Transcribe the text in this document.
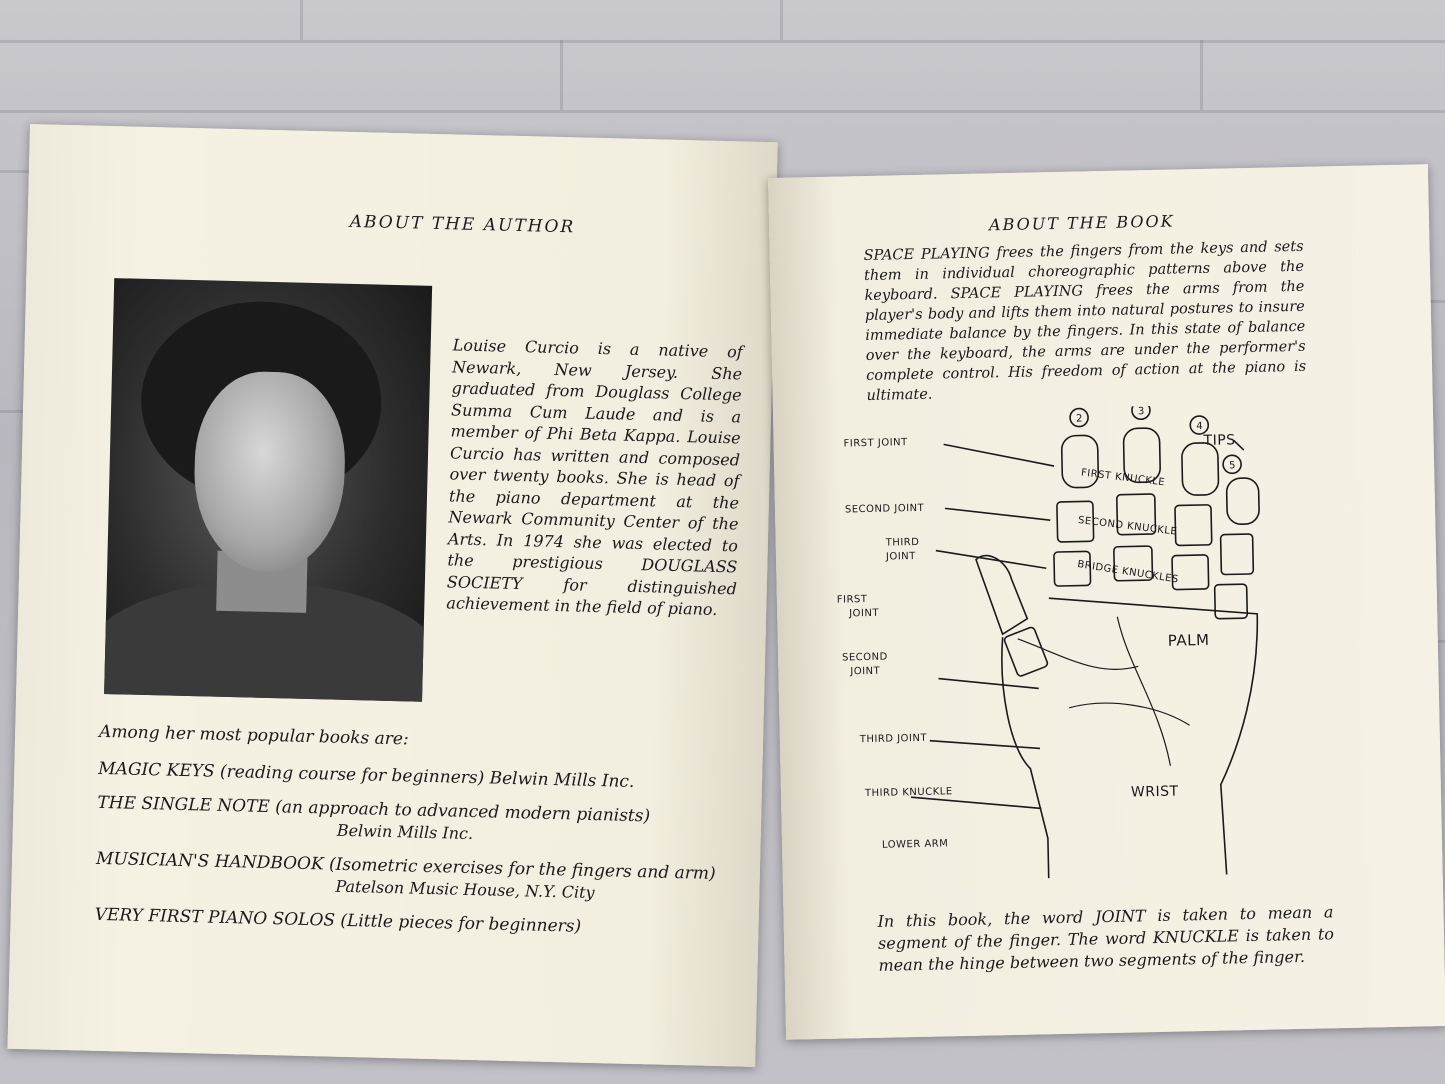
ABOUT THE AUTHOR
Louise Curcio is a native of Newark, New Jersey. She graduated from Douglass College Summa Cum Laude and is a member of Phi Beta Kappa. Louise Curcio has written and composed over twenty books. She is head of the piano department at the Newark Community Center of the Arts. In 1974 she was elected to the prestigious DOUGLASS SOCIETY for distinguished achievement in the field of piano.
Among her most popular books are:
MAGIC KEYS (reading course for beginners) Belwin Mills Inc.
THE SINGLE NOTE (an approach to advanced modern pianists)
Belwin Mills Inc.
MUSICIAN'S HANDBOOK (Isometric exercises for the fingers and arm)
Patelson Music House, N.Y. City
VERY FIRST PIANO SOLOS (Little pieces for beginners)
ABOUT THE BOOK
SPACE PLAYING frees the fingers from the keys and sets them in individual choreographic patterns above the keyboard. SPACE PLAYING frees the arms from the player's body and lifts them into natural postures to insure immediate balance by the fingers. In this state of balance over the keyboard, the arms are under the performer's complete control. His freedom of action at the piano is ultimate.
FIRST JOINT
SECOND JOINT
THIRD
JOINT
FIRST
JOINT
SECOND
JOINT
THIRD JOINT
THIRD KNUCKLE
LOWER ARM
TIPS
PALM
WRIST
FIRST KNUCKLE
SECOND KNUCKLE
BRIDGE KNUCKLES
2
3
4
5
In this book, the word JOINT is taken to mean a segment of the finger. The word KNUCKLE is taken to mean the hinge between two segments of the finger.
